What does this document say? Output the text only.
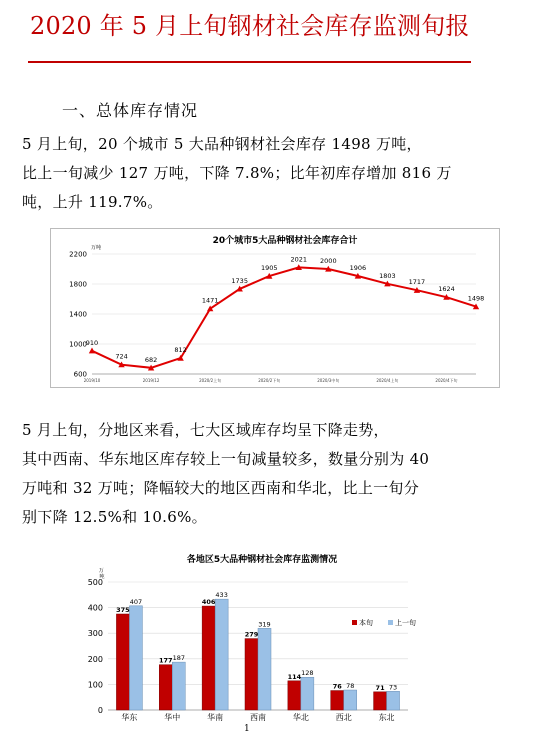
2020 年 5 月上旬钢材社会库存监测旬报
一、总体库存情况
5 月上旬，20 个城市 5 大品种钢材社会库存 1498 万吨，
比上一旬减少 127 万吨，下降 7.8%；比年初库存增加 816 万
吨，上升 119.7%。
20个城市5大品种钢材社会库存合计
万吨
600
1000
1400
1800
2200
2019/10	2019/12	2020/2上旬	2020/2下旬	2020/3中旬	2020/4上旬	2020/4下旬
910
724	682
812
1471
1735
1905
2021 2000
1906
1803
1717
1624
1498
5 月上旬，分地区来看，七大区域库存均呈下降走势，
其中西南、华东地区库存较上一旬减量较多，数量分别为 40
万吨和 32 万吨；降幅较大的地区西南和华北，比上一旬分
别下降 12.5%和 10.6%。
各地区5大品种钢材社会库存监测情况
万 吨
0
100
200
300
400
500
375
407
177 187
406
433
279
319
114 128
76 78	71 73
华东	华中	华南	西南	华北	西北	东北
本旬	上一旬
1
